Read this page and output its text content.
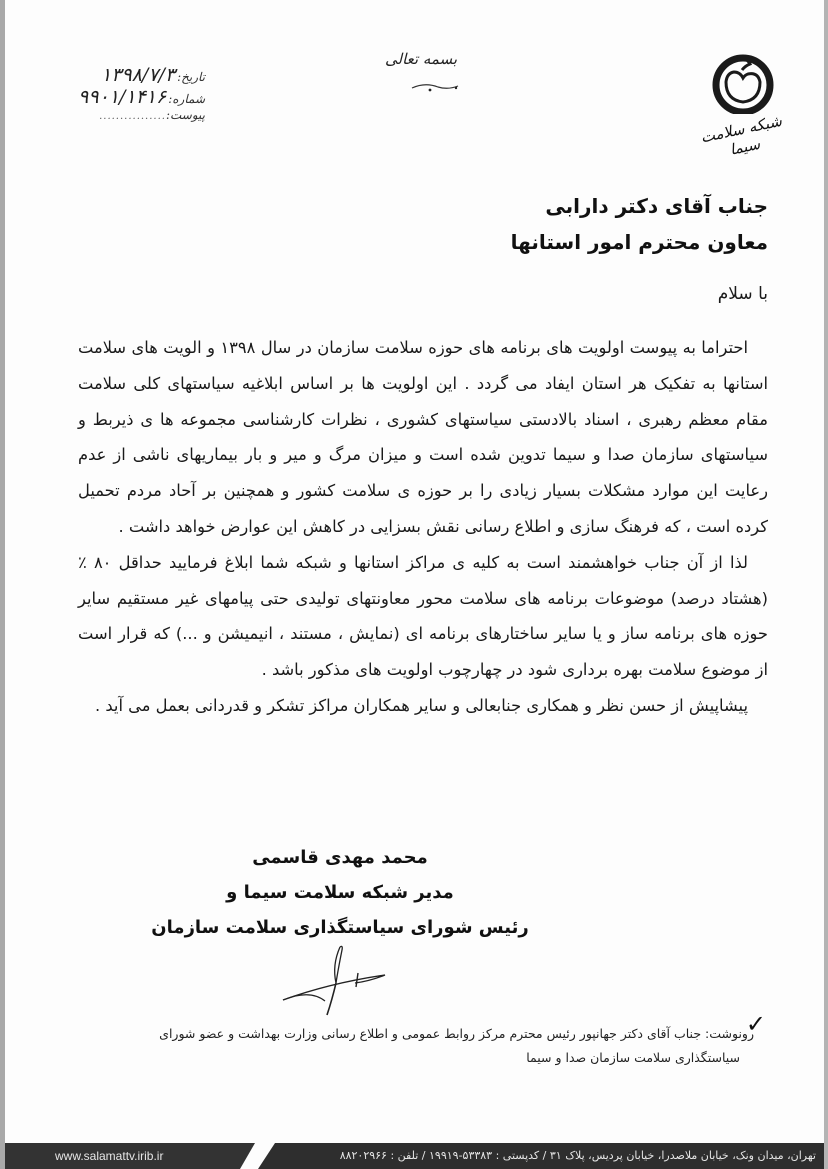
تاریخ:
۱۳۹۸/۷/۳
شماره:
۹۹۰۱/۱۴۱۶
پیوست:
................
بسمه تعالی
شبکه سلامت سیما
جناب آقای دکتر دارابی
معاون محترم امور استانها
با سلام

احتراما به پیوست اولویت های برنامه های حوزه سلامت سازمان در سال ۱۳۹۸ و الویت های سلامت استانها به تفکیک هر استان ایفاد می گردد . این اولویت ها بر اساس ابلاغیه سیاستهای کلی سلامت مقام معظم رهبری ، اسناد بالادستی سیاستهای کشوری ، نظرات کارشناسی مجموعه ها ی ذیربط و سیاستهای سازمان صدا و سیما تدوین شده است و میزان مرگ و میر و بار بیماریهای ناشی از عدم رعایت این موارد مشکلات بسیار زیادی را بر حوزه ی سلامت کشور و همچنین بر آحاد مردم تحمیل کرده است ، که فرهنگ سازی و اطلاع رسانی نقش بسزایی در کاهش این عوارض خواهد داشت .

لذا از آن جناب خواهشمند است به کلیه ی مراکز استانها و شبکه شما ابلاغ فرمایید حداقل ۸۰ ٪ (هشتاد درصد) موضوعات برنامه های سلامت محور معاونتهای تولیدی حتی پیامهای غیر مستقیم سایر حوزه های برنامه ساز و یا سایر ساختارهای برنامه ای (نمایش ، مستند ، انیمیشن و ...) که قرار است از موضوع سلامت بهره برداری شود در چهارچوب اولویت های مذکور باشد .

پیشاپیش از حسن نظر و همکاری جنابعالی و سایر همکاران مراکز تشکر و قدردانی بعمل می آید .

محمد مهدی قاسمی
مدیر شبکه سلامت سیما و
رئیس شورای سیاستگذاری سلامت سازمان
✓
رونوشت: جناب آقای دکتر جهانپور رئیس محترم مرکز روابط عمومی و اطلاع رسانی وزارت بهداشت و عضو شورای
سیاستگذاری سلامت سازمان صدا و سیما
www.salamattv.irib.ir	تهران، میدان ونک، خیابان ملاصدرا، خیابان پردیس، پلاک ۳۱ / کدپستی : ۵۳۳۸۳-۱۹۹۱۹ / تلفن : ۸۸۲۰۲۹۶۶
